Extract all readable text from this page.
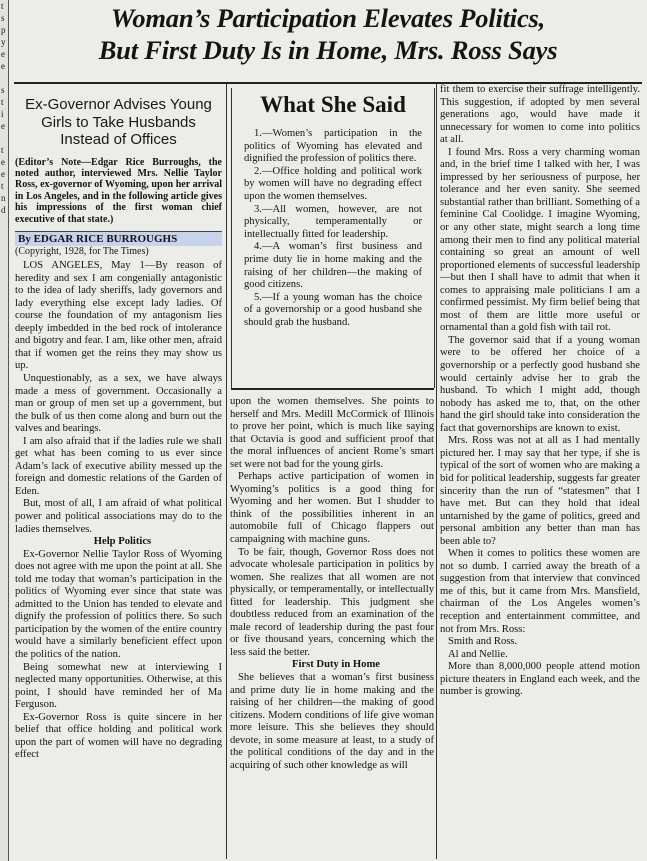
t
s
p
y
e
e

s
t
i
e

t
e
e
t
n
d
Woman’s Participation Elevates Politics,
But First Duty Is in Home, Mrs. Ross Says
Ex-Governor Advises Young Girls to Take Husbands Instead of Offices
(Editor’s Note—Edgar Rice Burroughs, the noted author, interviewed Mrs. Nellie Taylor Ross, ex-governor of Wyoming, upon her arrival in Los Angeles, and in the following article gives his impressions of the first woman chief executive of that state.)
By EDGAR RICE BURROUGHS
(Copyright, 1928, for The Times)

LOS ANGELES, May 1—By reason of heredity and sex I am congenially antagonistic to the idea of lady sheriffs, lady governors and lady everything else except lady ladies. Of course the foundation of my antagonism lies deeply imbedded in the bed rock of intolerance and bigotry and fear. I am, like other men, afraid that if women get the reins they may show us up.

Unquestionably, as a sex, we have always made a mess of government. Occasionally a man or group of men set up a government, but the bulk of us then come along and burn out the valves and bearings.

I am also afraid that if the ladies rule we shall get what has been coming to us ever since Adam’s lack of executive ability messed up the foreign and domestic relations of the Garden of Eden.

But, most of all, I am afraid of what political power and political associations may do to the ladies themselves.

Help Politics

Ex-Governor Nellie Taylor Ross of Wyoming does not agree with me upon the point at all. She told me today that woman’s participation in the politics of Wyoming ever since that state was admitted to the Union has tended to elevate and dignify the profession of politics there. So such participation by the women of the entire country would have a similarly beneficient effect upon the politics of the nation.

Being somewhat new at interviewing I neglected many opportunities. Otherwise, at this point, I should have reminded her of Ma Ferguson.

Ex-Governor Ross is quite sincere in her belief that office holding and political work upon the part of women will have no degrading effect

What She Said

1.—Women’s participation in the politics of Wyoming has elevated and dignified the profession of politics there.

2.—Office holding and political work by women will have no degrading effect upon the women themselves.

3.—All women, however, are not physically, temperamentally or intellectually fitted for leadership.

4.—A woman’s first business and prime duty lie in home making and the raising of her children—the making of good citizens.

5.—If a young woman has the choice of a governorship or a good husband she should grab the husband.

upon the women themselves. She points to herself and Mrs. Medill McCormick of Illinois to prove her point, which is much like saying that Octavia is good and sufficient proof that the moral influences of ancient Rome’s smart set were not bad for the young girls.

Perhaps active participation of women in Wyoming’s politics is a good thing for Wyoming and her women. But I shudder to think of the possibilities inherent in an automobile full of Chicago flappers out campaigning with machine guns.

To be fair, though, Governor Ross does not advocate wholesale participation in politics by women. She realizes that all women are not physically, or temperamentally, or intellectually fitted for leadership. This judgment she doubtless reduced from an examination of the male record of leadership during the past four or five thousand years, concerning which the less said the better.

First Duty in Home

She believes that a woman’s first business and prime duty lie in home making and the raising of her children—the making of good citizens. Modern conditions of life give woman more leisure. This she believes they should devote, in some measure at least, to a study of the political conditions of the day and in the acquiring of such other knowledge as will

fit them to exercise their suffrage intelligently. This suggestion, if adopted by men several generations ago, would have made it unnecessary for women to come into politics at all.

I found Mrs. Ross a very charming woman and, in the brief time I talked with her, I was impressed by her seriousness of purpose, her tolerance and her even sanity. She seemed substantial rather than brilliant. Something of a feminine Cal Coolidge. I imagine Wyoming, or any other state, might search a long time among their men to find any political material containing so great an amount of well proportioned elements of successful leadership—but then I shall have to admit that when it comes to appraising male politicians I am a confirmed pessimist. My firm belief being that most of them are little more useful or ornamental than a gold fish with tail rot.

The governor said that if a young woman were to be offered her choice of a governorship or a perfectly good husband she would certainly advise her to grab the husband. To which I might add, though nobody has asked me to, that, on the other hand the girl should take into consideration the fact that governorships are known to exist.

Mrs. Ross was not at all as I had mentally pictured her. I may say that her type, if she is typical of the sort of women who are making a bid for political leadership, suggests far greater sincerity than the run of “statesmen” that I have met. But can they hold that ideal untarnished by the game of politics, greed and personal ambition any better than man has been able to?

When it comes to politics these women are not so dumb. I carried away the breath of a suggestion from that interview that convinced me of this, but it came from Mrs. Mansfield, chairman of the Los Angeles women’s reception and entertainment committee, and not from Mrs. Ross:

Smith and Ross.

Al and Nellie.

More than 8,000,000 people attend motion picture theaters in England each week, and the number is growing.
